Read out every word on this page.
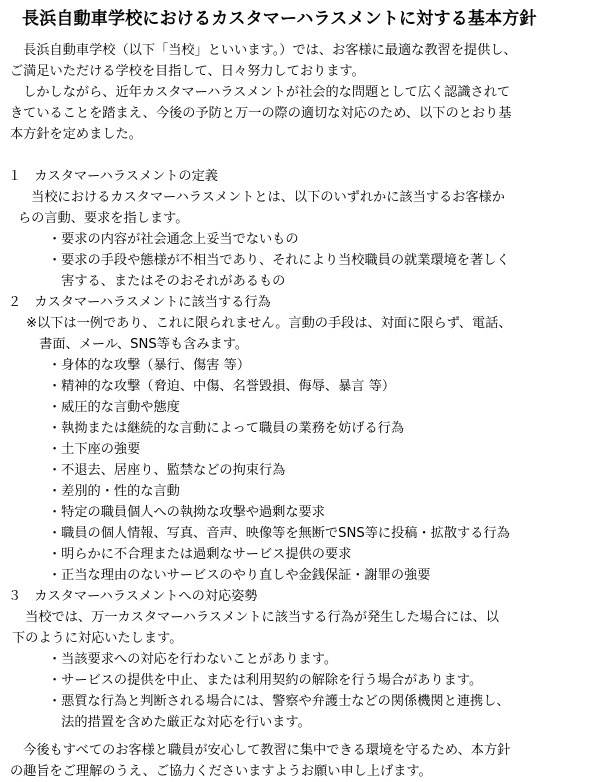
長浜自動車学校におけるカスタマーハラスメントに対する基本方針
　長浜自動車学校（以下「当校」といいます。）では、お客様に最適な教習を提供し、
ご満足いただける学校を目指して、日々努力しております。
　しかしながら、近年カスタマーハラスメントが社会的な問題として広く認識されて
きていることを踏まえ、今後の予防と万一の際の適切な対応のため、以下のとおり基
本方針を定めました。
１　カスタマーハラスメントの定義
　当校におけるカスタマーハラスメントとは、以下のいずれかに該当するお客様か
らの言動、要求を指します。
・要求の内容が社会通念上妥当でないもの
・要求の手段や態様が不相当であり、それにより当校職員の就業環境を著しく
　害する、またはそのおそれがあるもの
２　カスタマーハラスメントに該当する行為
※以下は一例であり、これに限られません。言動の手段は、対面に限らず、電話、
　書面、メール、SNS等も含みます。
・身体的な攻撃（暴行、傷害 等）
・精神的な攻撃（脅迫、中傷、名誉毀損、侮辱、暴言 等）
・威圧的な言動や態度
・執拗または継続的な言動によって職員の業務を妨げる行為
・土下座の強要
・不退去、居座り、監禁などの拘束行為
・差別的・性的な言動
・特定の職員個人への執拗な攻撃や過剰な要求
・職員の個人情報、写真、音声、映像等を無断でSNS等に投稿・拡散する行為
・明らかに不合理または過剰なサービス提供の要求
・正当な理由のないサービスのやり直しや金銭保証・謝罪の強要
３　カスタマーハラスメントへの対応姿勢
　当校では、万一カスタマーハラスメントに該当する行為が発生した場合には、以
下のように対応いたします。
・当該要求への対応を行わないことがあります。
・サービスの提供を中止、または利用契約の解除を行う場合があります。
・悪質な行為と判断される場合には、警察や弁護士などの関係機関と連携し、
　法的措置を含めた厳正な対応を行います。
　今後もすべてのお客様と職員が安心して教習に集中できる環境を守るため、本方針
の趣旨をご理解のうえ、ご協力くださいますようお願い申し上げます。
